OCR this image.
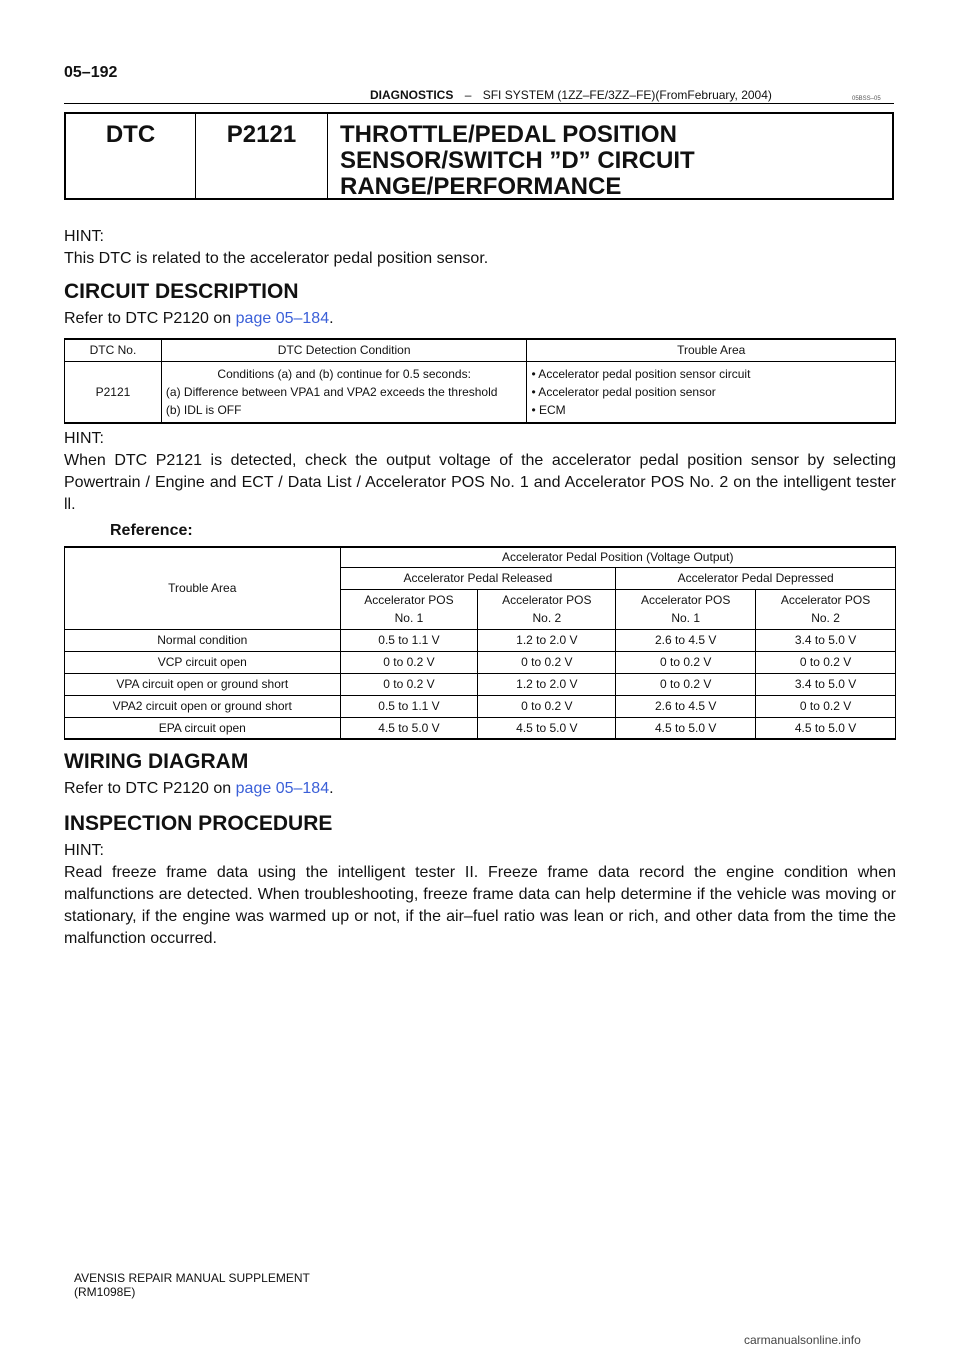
05–192
DIAGNOSTICS – SFI SYSTEM (1ZZ–FE/3ZZ–FE)(FromFebruary, 2004)	05BSS–05
DTC	P2121	THROTTLE/PEDAL POSITION
SENSOR/SWITCH ”D” CIRCUIT
RANGE/PERFORMANCE
HINT:
This DTC is related to the accelerator pedal position sensor.
CIRCUIT DESCRIPTION
Refer to DTC P2120 on page 05–184.
DTC No.	DTC Detection Condition	Trouble Area
P2121	Conditions (a) and (b) continue for 0.5 seconds:
(a) Difference between VPA1 and VPA2 exceeds the threshold
(b) IDL is OFF	• Accelerator pedal position sensor circuit
• Accelerator pedal position sensor
• ECM
HINT:
When DTC P2121 is detected, check the output voltage of the accelerator pedal position sensor by selecting Powertrain / Engine and ECT / Data List / Accelerator POS No. 1 and Accelerator POS No. 2 on the intelligent tester ll.
Reference:
Trouble Area	Accelerator Pedal Position (Voltage Output)			
	Accelerator Pedal Released		Accelerator Pedal Depressed	

	Accelerator POS
No. 1	Accelerator POS
No. 2	Accelerator POS
No. 1	Accelerator POS
No. 2

Normal condition	0.5 to 1.1 V	1.2 to 2.0 V	2.6 to 4.5 V	3.4 to 5.0 V
VCP circuit open	0 to 0.2 V	0 to 0.2 V	0 to 0.2 V	0 to 0.2 V
VPA circuit open or ground short	0 to 0.2 V	1.2 to 2.0 V	0 to 0.2 V	3.4 to 5.0 V
VPA2 circuit open or ground short	0.5 to 1.1 V	0 to 0.2 V	2.6 to 4.5 V	0 to 0.2 V
EPA circuit open	4.5 to 5.0 V	4.5 to 5.0 V	4.5 to 5.0 V	4.5 to 5.0 V
WIRING DIAGRAM
Refer to DTC P2120 on page 05–184.
INSPECTION PROCEDURE
HINT:
Read freeze frame data using the intelligent tester II. Freeze frame data record the engine condition when malfunctions are detected. When troubleshooting, freeze frame data can help determine if the vehicle was moving or stationary, if the engine was warmed up or not, if the air–fuel ratio was lean or rich, and other data from the time the malfunction occurred.
AVENSIS REPAIR MANUAL SUPPLEMENT
(RM1098E)
carmanualsonline.info
